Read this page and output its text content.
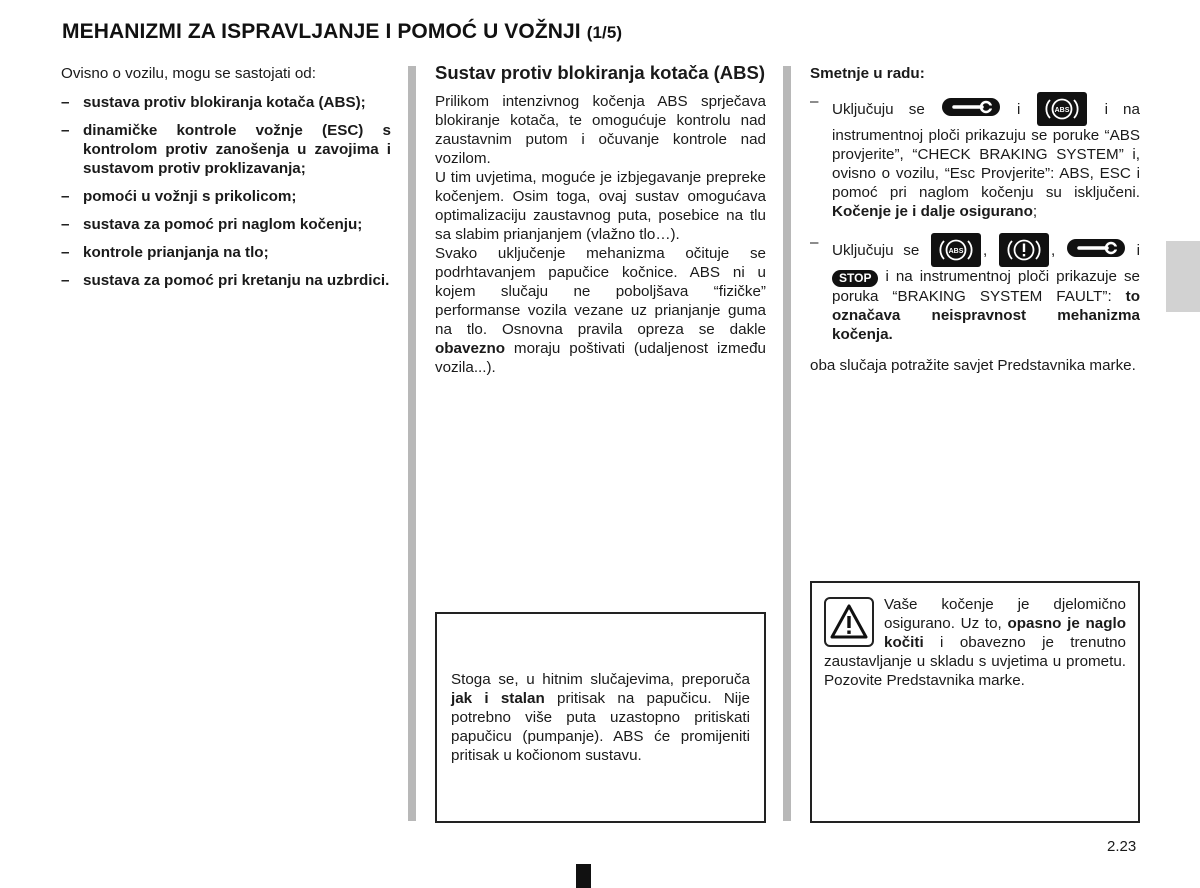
MEHANIZMI ZA ISPRAVLJANJE I POMOĆ U VOŽNJI (1/5)

Ovisno o vozilu, mogu se sastojati od:

– sustava protiv blokiranja kotača (ABS);
– dinamičke kontrole vožnje (ESC) s kontrolom protiv zanošenja u zavojima i sustavom protiv proklizavanja;
– pomoći u vožnji s prikolicom;
– sustava za pomoć pri naglom kočenju;
– kontrole prianjanja na tlo;
– sustava za pomoć pri kretanju na uzbrdici.
Sustav protiv blokiranja kotača (ABS)

Prilikom intenzivnog kočenja ABS sprječava blokiranje kotača, te omogućuje kontrolu nad zaustavnim putom i očuvanje kontrole nad vozilom.

U tim uvjetima, moguće je izbjegavanje prepreke kočenjem. Osim toga, ovaj sustav omogućava optimalizaciju zaustavnog puta, posebice na tlu sa slabim prianjanjem (vlažno tlo…).

Svako uključenje mehanizma očituje se podrhtavanjem papučice kočnice. ABS ni u kojem slučaju ne poboljšava “fizičke” performanse vozila vezane uz prianjanje guma na tlo. Osnovna pravila opreza se dakle obavezno moraju poštivati (udaljenost između vozila...).

Stoga se, u hitnim slučajevima, preporuča jak i stalan pritisak na papučicu. Nije potrebno više puta uzastopno pritiskati papučicu (pumpanje). ABS će promijeniti pritisak u kočionom sustavu.

Smetnje u radu:

– Uključuju se	i	ABS i na instrumentnoj ploči prikazuju se poruke “ABS provjerite”, “CHECK BRAKING SYSTEM” i, ovisno o vozilu, “Esc Provjerite”: ABS, ESC i pomoć pri naglom kočenju su isključeni. Kočenje je i dalje osigurano;
– Uključuju se	ABS ,	,	i STOP i na instrumentnoj ploči prikazuje se poruka “BRAKING SYSTEM FAULT”: to označava neispravnost mehanizma kočenja.

oba slučaja potražite savjet Predstavnika marke.

Vaše kočenje je djelomično osigurano. Uz to, opasno je naglo kočiti i obavezno je trenutno zaustavljanje u skladu s uvjetima u prometu. Pozovite Predstavnika marke.
2.23
